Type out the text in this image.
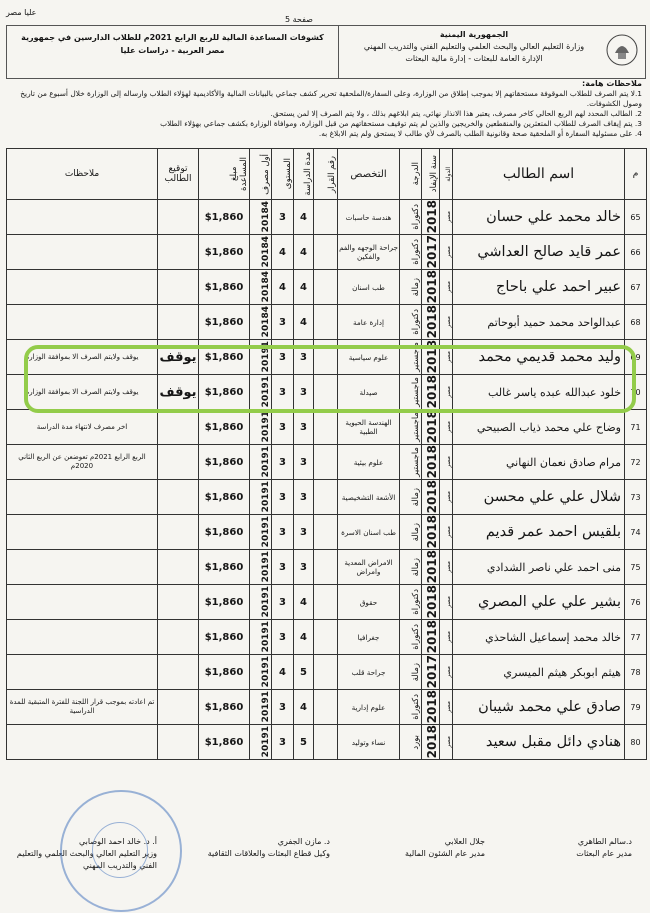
عليا مصر
صفحة 5
الجمهورية اليمنية
وزارة التعليم العالي والبحث العلمي والتعليم الفني والتدريب المهني
الإدارة العامة للبعثات - إدارة مالية البعثات
كشوفات المساعدة المالية للربع الرابع 2021م للطلاب الدارسين في جمهورية مصر العربية - دراسات عليا
ملاحظات هامة:
1.لا يتم الصرف للطلاب الموقوفة مستحقاتهم إلا بموجب إطلاق من الوزارة، وعلى السفارة/الملحقية تحرير كشف جماعي بالبيانات المالية والأكاديمية لهؤلاء الطلاب وارساله إلى الوزارة خلال أسبوع من تاريخ وصول الكشوفات.
2. الطالب المحدد لهم الربع الحالي كاخر مصرف، يعتبر هذا الانذار نهائي، يتم ابلاغهم بذلك ، ولا يتم الصرف إلا لمن يستحق.
3. يتم إيقاف الصرف للطلاب المتعثرين والمنقطعين والخريجين والذين لم يتم توقيف مستحقاتهم من قبل الوزارة، وموافاة الوزارة بكشف جماعي بهؤلاء الطلاب
4. على مسئولية السفارة أو الملحقية صحة وقانونية الطلب بالصرف لأي طالب لا يستحق ولم يتم الابلاغ به.
م	اسم الطالب	الدولة	سنة الإيفاد	الدرجة	التخصص	رقم القرار	مدة الدراسة	المستوى	أول مصرف	مبلغ المساعدة	توقيع الطالب	ملاحظات
65	خالد محمد علي حسان	مصر	2018	دكتوراة	هندسة حاسبات		4	3	20184	$1,860		
66	عمر قايد صالح العداشي	مصر	2017	دكتوراة	جراحة الوجهه والفم والفكين		4	4	20184	$1,860		
67	عبير احمد علي باحاج	مصر	2018	زمالة	طب اسنان		4	4	20184	$1,860		
68	عبدالواحد محمد حميد أبوحاتم	مصر	2018	دكتوراة	إدارة عامة		4	3	20184	$1,860		
69	وليد محمد قديمي محمد	مصر	2018	ماجستير	علوم سياسية		3	3	20191	$1,860	يوقف	يوقف ولايتم الصرف الا بموافقة الوزارة
70	خلود عبدالله عبده ياسر غالب	مصر	2018	ماجستير	صيدلة		3	3	20191	$1,860	يوقف	يوقف ولايتم الصرف الا بموافقة الوزارة
71	وضاح علي محمد ذياب الصبيحي	مصر	2018	ماجستير	الهندسة الحيوية الطبية		3	3	20191	$1,860		اخر مصرف لانتهاء مدة الدراسة
72	مرام صادق نعمان النهاني	مصر	2018	ماجستير	علوم بيئية		3	3	20191	$1,860		الربع الرابع 2021م تعوضعن عن الربع الثاني 2020م
73	شلال علي علي محسن	مصر	2018	زمالة	الأشعة التشخيصية		3	3	20191	$1,860		
74	بلقيس احمد عمر قديم	مصر	2018	زمالة	طب اسنان الاسرة		3	3	20191	$1,860		
75	منى احمد علي ناصر الشدادي	مصر	2018	زمالة	الامراض المعدية وامراض		3	3	20191	$1,860		
76	بشير علي علي المصري	مصر	2018	دكتوراة	حقوق		4	3	20191	$1,860		
77	خالد محمد إسماعيل الشاحذي	مصر	2018	دكتوراة	جغرافيا		4	3	20191	$1,860		
78	هيثم ابوبكر هيثم الميسري	مصر	2017	زمالة	جراحة قلب		5	4	20191	$1,860		
79	صادق علي محمد شيبان	مصر	2018	دكتوراة	علوم إدارية		4	3	20191	$1,860		تم اعادته بموجب قرار اللجنة للفترة المتبقية للمدة الدراسية
80	هنادي دائل مقبل سعيد	مصر	2018	بورد	نساء وتوليد		5	3	20191	$1,860		
د.سالم الطاهري
مدير عام البعثات
جلال العلابي
مدير عام الشئون المالية
د. مازن الجفري
وكيل قطاع البعثات والعلاقات الثقافية
أ. د. خالد احمد الوصابي
وزير التعليم العالي والبحث العلمي والتعليم الفني والتدريب المهني
